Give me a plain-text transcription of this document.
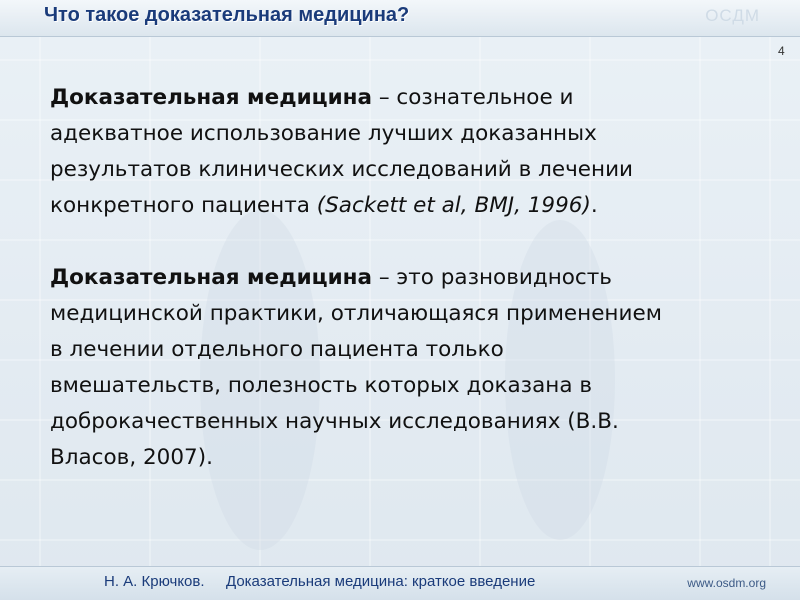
Что такое доказательная медицина?	ОСДМ
4

Доказательная медицина – сознательное и
адекватное использование лучших доказанных
результатов клинических исследований в лечении
конкретного пациента (Sackett et al, BMJ, 1996).

Доказательная медицина – это разновидность
медицинской практики, отличающаяся применением
в лечении отдельного пациента только
вмешательств, полезность которых доказана в
доброкачественных научных исследованиях (В.В.
Власов, 2007).

Н. А. Крючков. Доказательная медицина: краткое введение	www.osdm.org
